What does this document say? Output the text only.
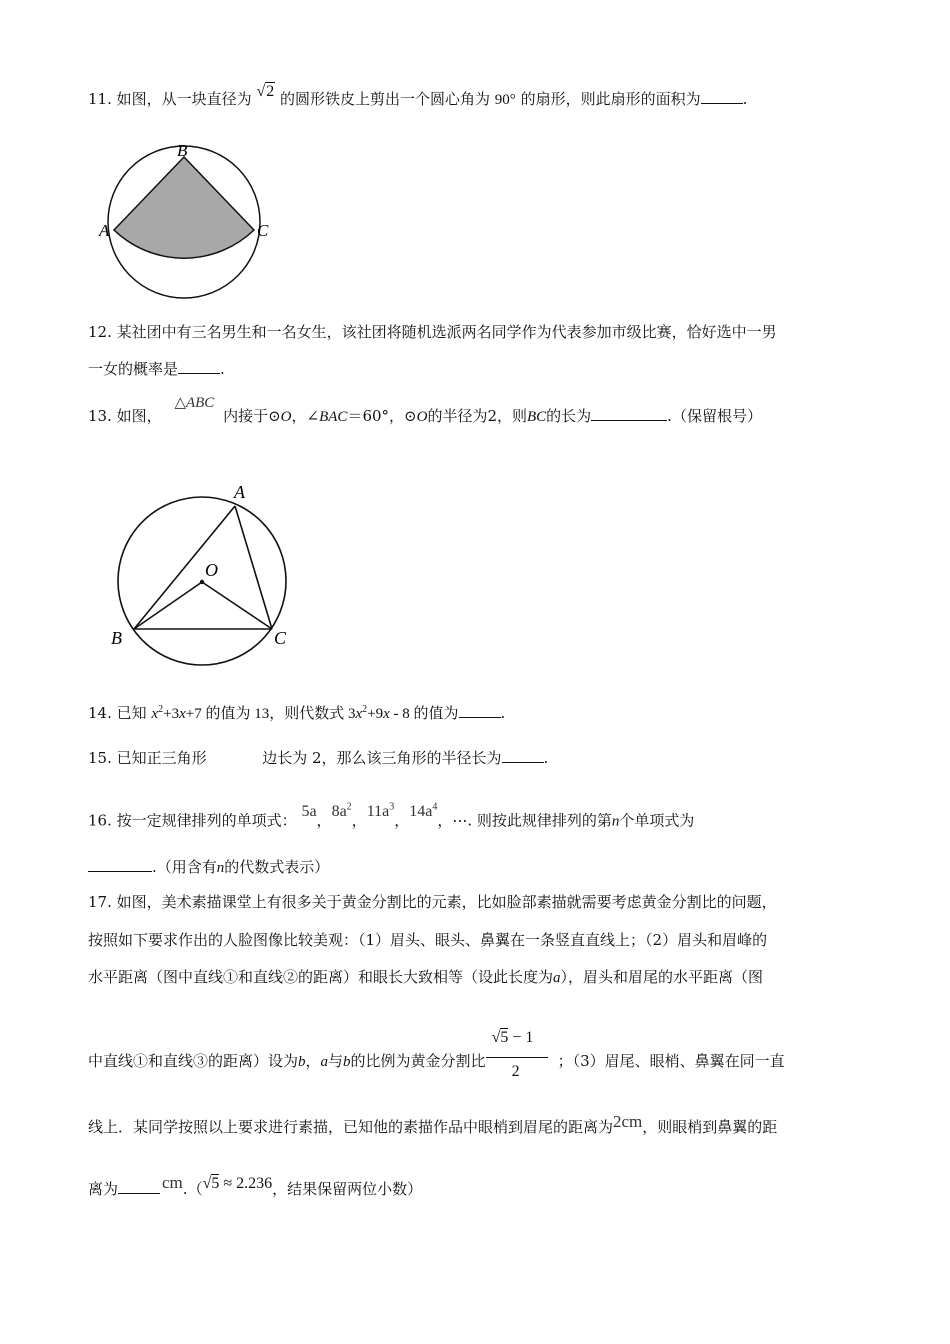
11. 如图，从一块直径为 √2 的圆形铁皮上剪出一个圆心角为 90° 的扇形，则此扇形的面积为	.
B
A	C
12. 某社团中有三名男生和一名女生，该社团将随机选派两名同学作为代表参加市级比赛，恰好选中一男
一女的概率是	.
13. 如图， △ABC 内接于⊙O，∠BAC＝60°，⊙O的半径为2，则BC的长为	.（保留根号）
A
O
B	C
14. 已知 $x^2+3x+7$ 的值为 13，则代数式 $3x^2+9x - 8$ 的值为	.
15. 已知正三角形	边长为 2，那么该三角形的半径长为	.
16. 按一定规律排列的单项式： 5a，$8a^2$，$11a^3$，$14a^4$，⋯. 则按此规律排列的第n个单项式为
.（用含有n的代数式表示）
17. 如图，美术素描课堂上有很多关于黄金分割比的元素，比如脸部素描就需要考虑黄金分割比的问题，
按照如下要求作出的人脸图像比较美观：（1）眉头、眼头、鼻翼在一条竖直直线上；（2）眉头和眉峰的
水平距离（图中直线①和直线②的距离）和眼长大致相等（设此长度为a），眉头和眉尾的水平距离（图
中直线①和直线③的距离）设为b，a与b的比例为黄金分割比 $\frac{√5 - 1}{2}$ ；（3）眉尾、眼梢、鼻翼在同一直
线上．某同学按照以上要求进行素描，已知他的素描作品中眼梢到眉尾的距离为2cm，则眼梢到鼻翼的距
离为	cm.（√5 ≈ 2.236，结果保留两位小数）
